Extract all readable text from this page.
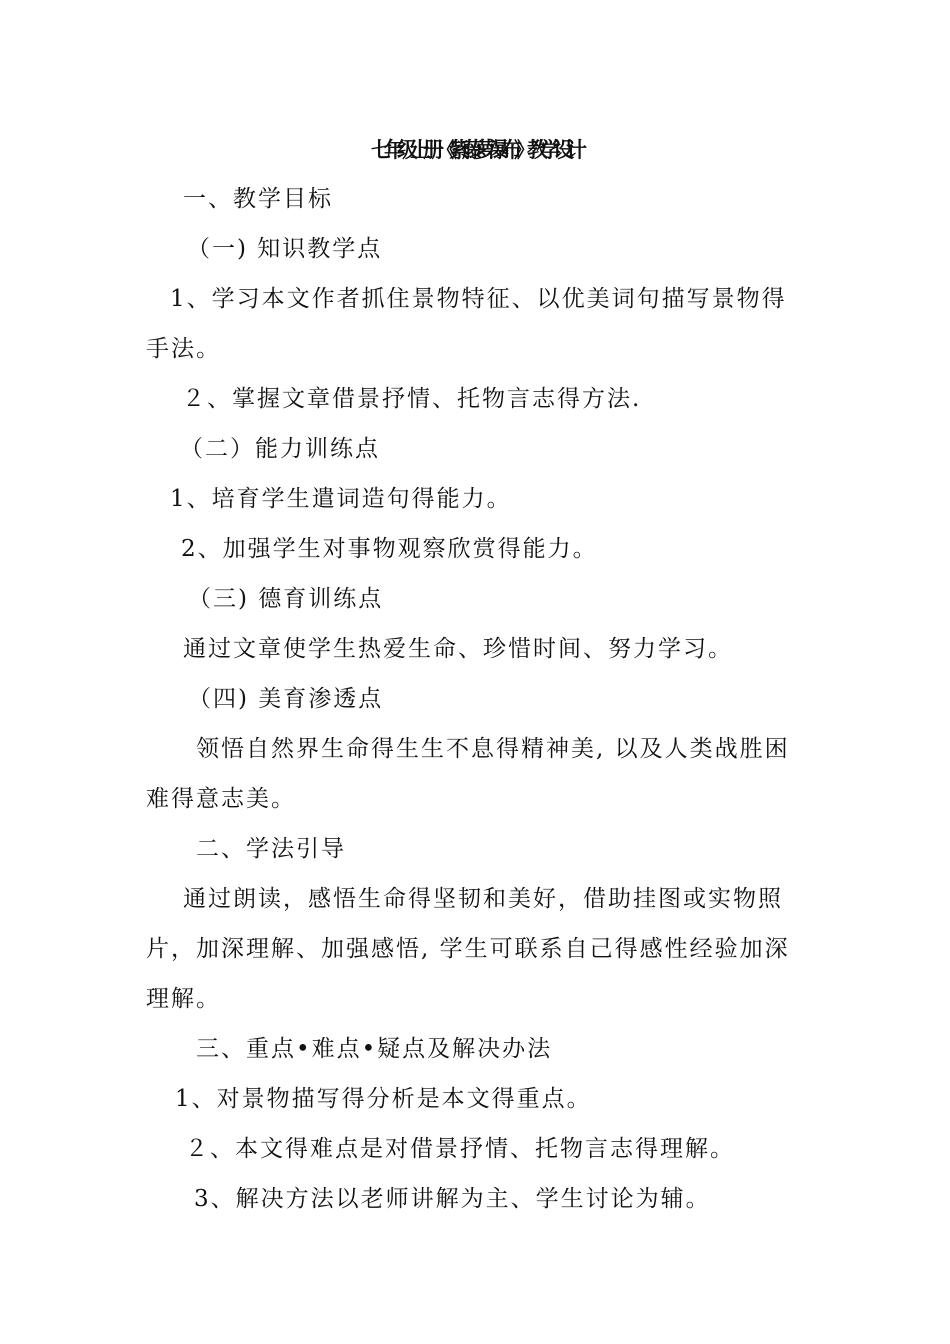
七年级上册《紫藤萝瀑布》教学设计
一、教学目标
（一) 知识教学点
1、学习本文作者抓住景物特征、以优美词句描写景物得
手法。
２、掌握文章借景抒情、托物言志得方法.
（二）能力训练点
1、培育学生遣词造句得能力。
2、加强学生对事物观察欣赏得能力。
（三) 德育训练点
通过文章使学生热爱生命、珍惜时间、努力学习。
（四) 美育渗透点
领悟自然界生命得生生不息得精神美, 以及人类战胜困
难得意志美。
二、学法引导
通过朗读，感悟生命得坚韧和美好，借助挂图或实物照
片，加深理解、加强感悟, 学生可联系自己得感性经验加深
理解。
三、重点•难点•疑点及解决办法
1、对景物描写得分析是本文得重点。
２、本文得难点是对借景抒情、托物言志得理解。
3、解决方法以老师讲解为主、学生讨论为辅。
